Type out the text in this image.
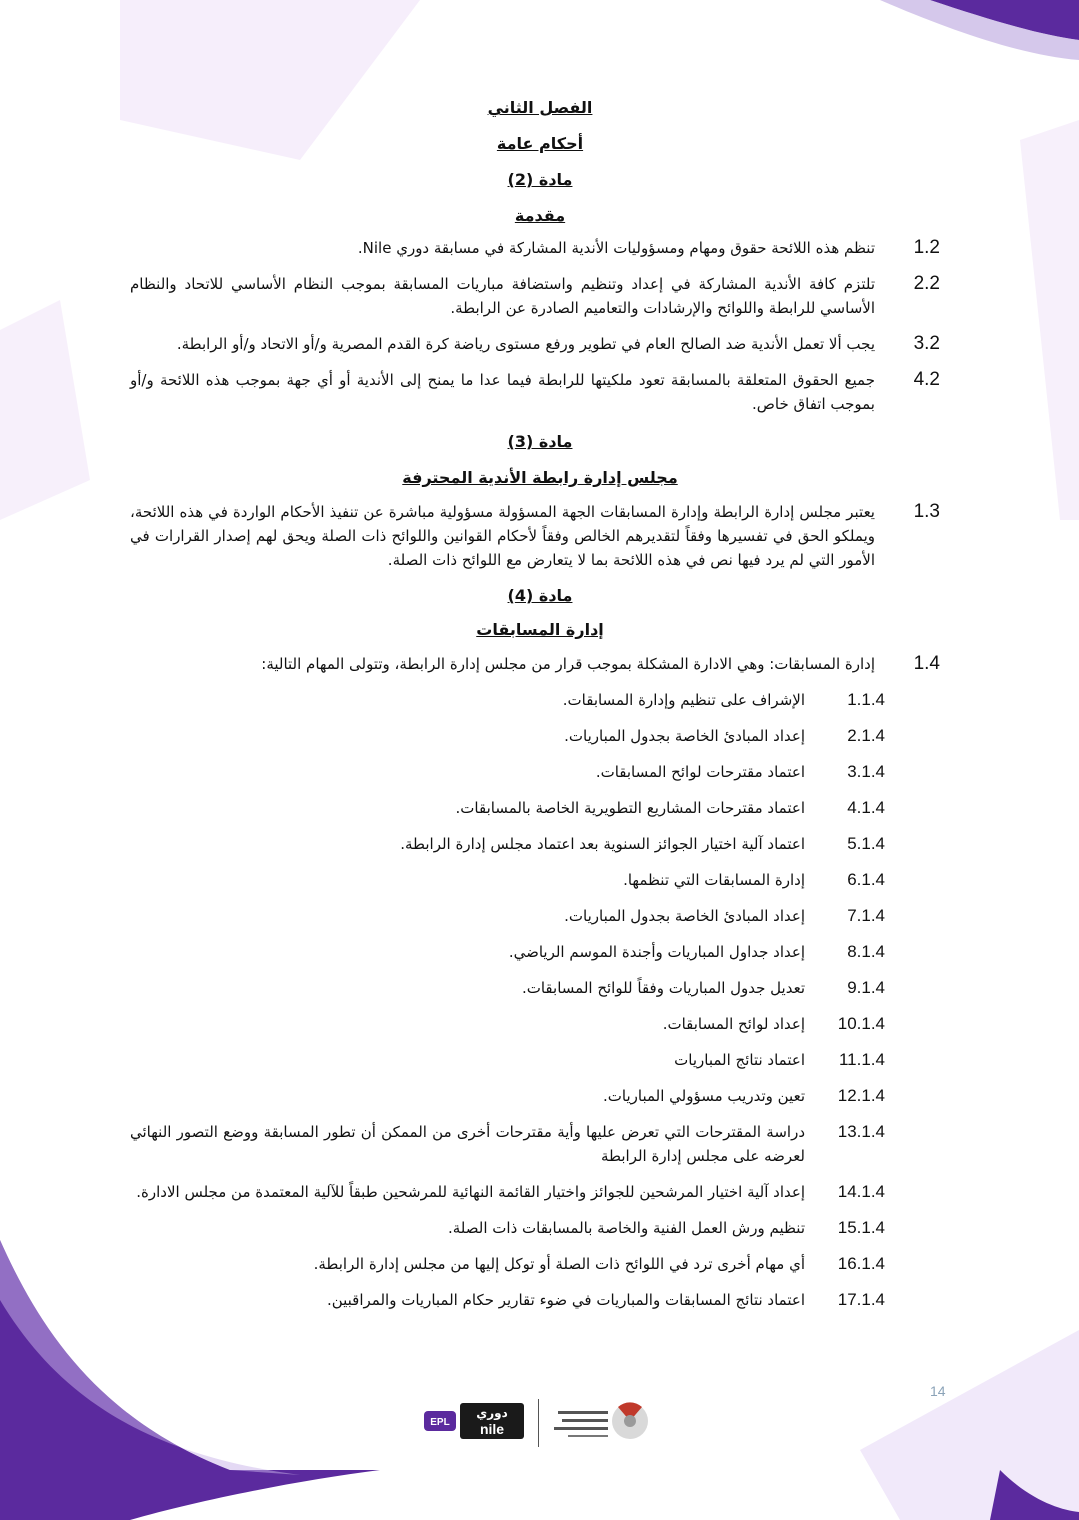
الفصل الثاني

أحكام عامة

مادة (2)

مقدمة

1.2
تنظم هذه اللائحة حقوق ومهام ومسؤوليات الأندية المشاركة في مسابقة دوري Nile.
2.2
تلتزم كافة الأندية المشاركة في إعداد وتنظيم واستضافة مباريات المسابقة بموجب النظام الأساسي للاتحاد والنظام الأساسي للرابطة واللوائح والإرشادات والتعاميم الصادرة عن الرابطة.
3.2
يجب ألا تعمل الأندية ضد الصالح العام في تطوير ورفع مستوى رياضة كرة القدم المصرية و/أو الاتحاد و/أو الرابطة.
4.2
جميع الحقوق المتعلقة بالمسابقة تعود ملكيتها للرابطة فيما عدا ما يمنح إلى الأندية أو أي جهة بموجب هذه اللائحة و/أو بموجب اتفاق خاص.

مادة (3)

مجلس إدارة رابطة الأندية المحترفة

1.3
يعتبر مجلس إدارة الرابطة وإدارة المسابقات الجهة المسؤولة مسؤولية مباشرة عن تنفيذ الأحكام الواردة في هذه اللائحة، ويملكو الحق في تفسيرها وفقاً لتقديرهم الخالص وفقاً لأحكام القوانين واللوائح ذات الصلة ويحق لهم إصدار القرارات في الأمور التي لم يرد فيها نص في هذه اللائحة بما لا يتعارض مع اللوائح ذات الصلة.

مادة (4)

إدارة المسابقات

1.4
إدارة المسابقات: وهي الادارة المشكلة بموجب قرار من مجلس إدارة الرابطة، وتتولى المهام التالية:
1.1.4
الإشراف على تنظيم وإدارة المسابقات.
2.1.4
إعداد المبادئ الخاصة بجدول المباريات.
3.1.4
اعتماد مقترحات لوائح المسابقات.
4.1.4
اعتماد مقترحات المشاريع التطويرية الخاصة بالمسابقات.
5.1.4
اعتماد آلية اختيار الجوائز السنوية بعد اعتماد مجلس إدارة الرابطة.
6.1.4
إدارة المسابقات التي تنظمها.
7.1.4
إعداد المبادئ الخاصة بجدول المباريات.
8.1.4
إعداد جداول المباريات وأجندة الموسم الرياضي.
9.1.4
تعديل جدول المباريات وفقاً للوائح المسابقات.
10.1.4
إعداد لوائح المسابقات.
11.1.4
اعتماد نتائج المباريات
12.1.4
تعين وتدريب مسؤولي المباريات.
13.1.4
دراسة المقترحات التي تعرض عليها وأية مقترحات أخرى من الممكن أن تطور المسابقة ووضع التصور النهائي لعرضه على مجلس إدارة الرابطة
14.1.4
إعداد آلية اختيار المرشحين للجوائز واختيار القائمة النهائية للمرشحين طبقاً للآلية المعتمدة من مجلس الادارة.
15.1.4
تنظيم ورش العمل الفنية والخاصة بالمسابقات ذات الصلة.
16.1.4
أي مهام أخرى ترد في اللوائح ذات الصلة أو توكل إليها من مجلس إدارة الرابطة.
17.1.4
اعتماد نتائج المسابقات والمباريات في ضوء تقارير حكام المباريات والمراقبين.
14
EPL
دوري
nile
